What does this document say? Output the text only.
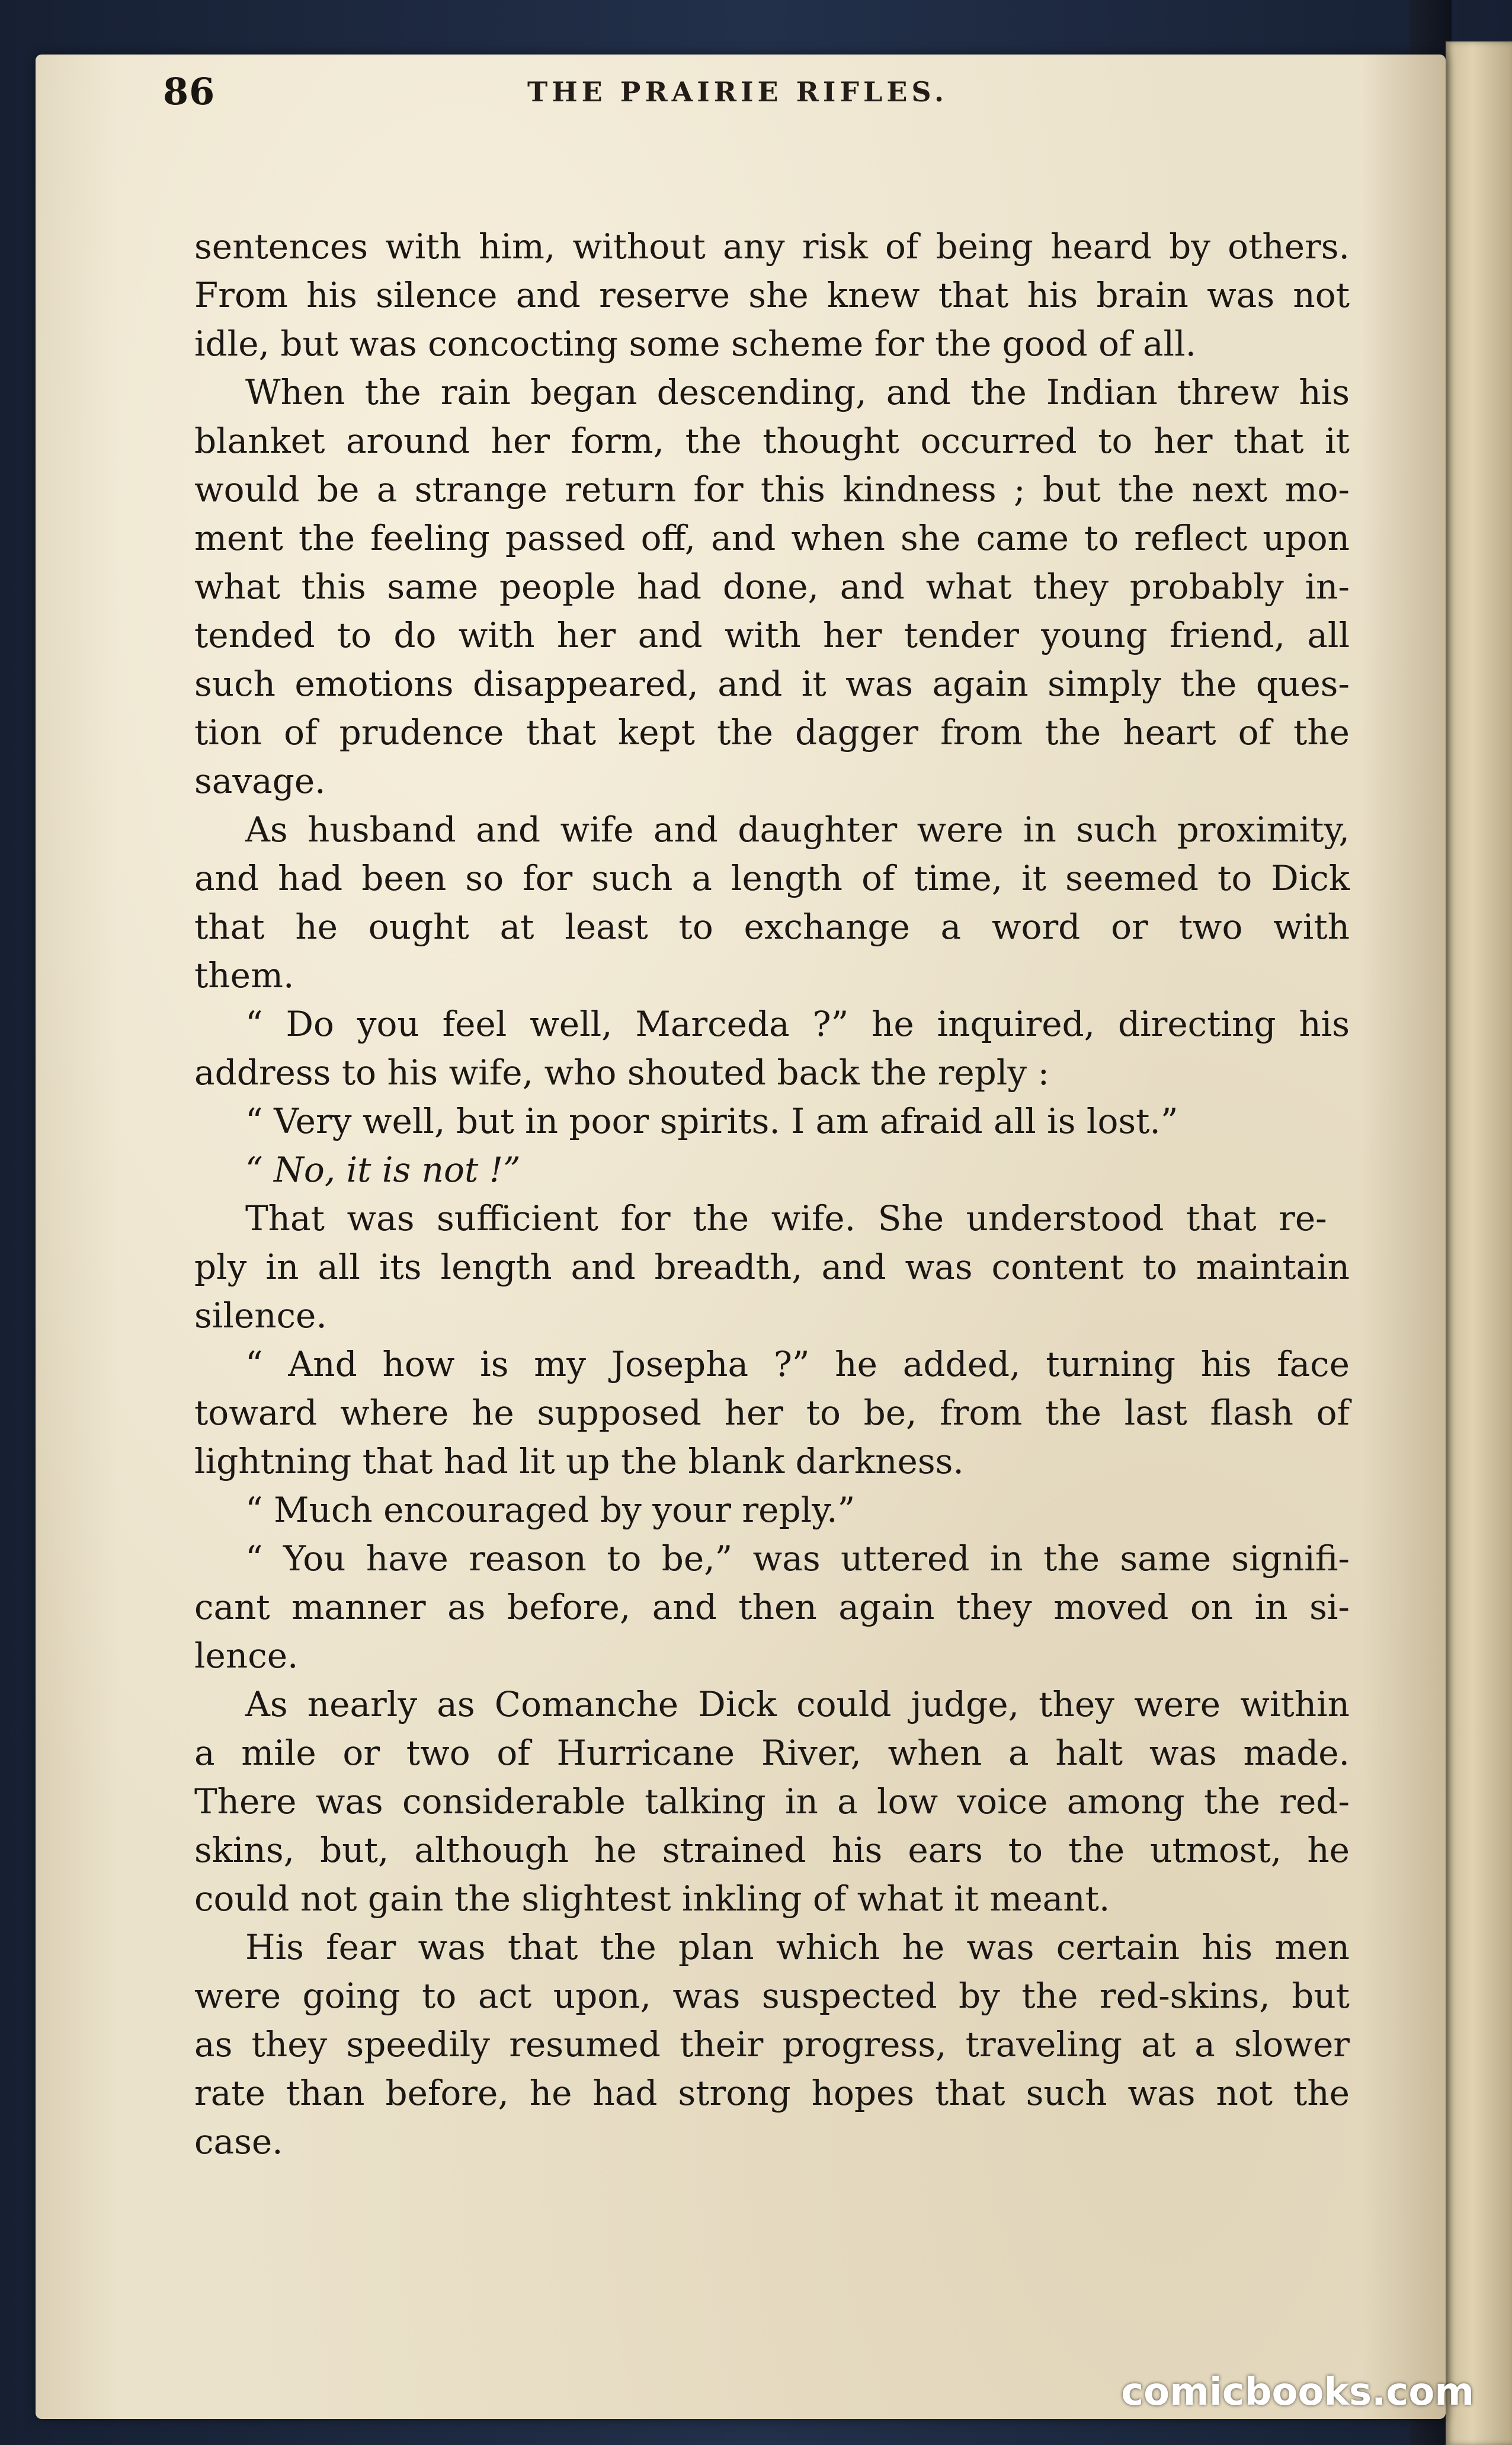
86	THE PRAIRIE RIFLES.
sentences with him, without any risk of being heard by others.
From his silence and reserve she knew that his brain was not
idle, but was concocting some scheme for the good of all.
When the rain began descending, and the Indian threw his
blanket around her form, the thought occurred to her that it
would be a strange return for this kindness ; but the next mo-
ment the feeling passed off, and when she came to reflect upon
what this same people had done, and what they probably in-
tended to do with her and with her tender young friend, all
such emotions disappeared, and it was again simply the ques-
tion of prudence that kept the dagger from the heart of the
savage.
As husband and wife and daughter were in such proximity,
and had been so for such a length of time, it seemed to Dick
that he ought at least to exchange a word or two with
them.
“ Do you feel well, Marceda ?” he inquired, directing his
address to his wife, who shouted back the reply :
“ Very well, but in poor spirits. I am afraid all is lost.”
“ No, it is not !”
That was sufficient for the wife. She understood that re-
ply in all its length and breadth, and was content to maintain
silence.
“ And how is my Josepha ?” he added, turning his face
toward where he supposed her to be, from the last flash of
lightning that had lit up the blank darkness.
“ Much encouraged by your reply.”
“ You have reason to be,” was uttered in the same signifi-
cant manner as before, and then again they moved on in si-
lence.
As nearly as Comanche Dick could judge, they were within
a mile or two of Hurricane River, when a halt was made.
There was considerable talking in a low voice among the red-
skins, but, although he strained his ears to the utmost, he
could not gain the slightest inkling of what it meant.
His fear was that the plan which he was certain his men
were going to act upon, was suspected by the red-skins, but
as they speedily resumed their progress, traveling at a slower
rate than before, he had strong hopes that such was not the
case.
comicbooks.com
